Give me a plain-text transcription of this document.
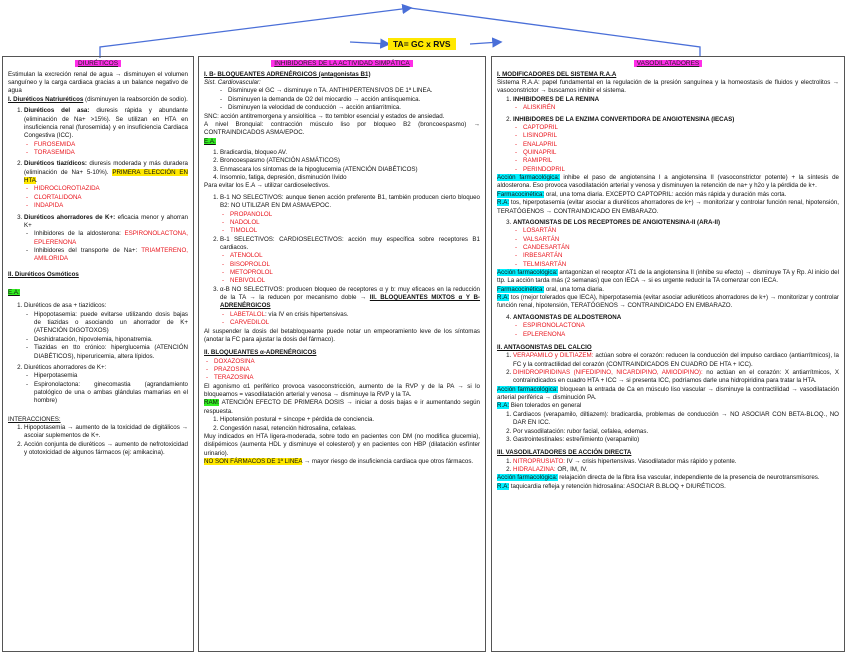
TA= GC x RVS
DIURÉTICOS

Estimulan la excreción renal de agua → disminuyen el volumen sanguíneo y la carga cardiaca gracias a un balance negativo de agua

I. Diuréticos Natriuréticos (disminuyen la reabsorción de sodio).

1. Diuréticos del asa: diuresis rápida y abundante (eliminación de Na+ >15%). Se utilizan en HTA en insuficiencia renal (furosemida) y en insuficiencia Cardiaca Congestiva (ICC).
- FUROSEMIDA
- TORASEMIDA
2. Diuréticos tiazídicos: diuresis moderada y más duradera (eliminación de Na+ 5-10%). PRIMERA ELECCIÓN EN HTA.
- HIDROCLOROTIAZIDA
- CLORTALIDONA
- INDAPIDA
3. Diuréticos ahorradores de K+: eficacia menor y ahorran K+
- Inhibidores de la aldosterona: ESPIRONOLACTONA, EPLERENONA
- Inhibidores del transporte de Na+: TRIAMTERENO, AMILORIDA

II. Diuréticos Osmóticos

E.A:

1. Diuréticos de asa + tiazídicos:
- Hipopotasemia: puede evitarse utilizando dosis bajas de tiazidas o asociando un ahorrador de K+ (ATENCIÓN DIGOTOXOS)
- Deshidratación, hipovolemia, hiponatremia.
- Tiazidas en tto crónico: hiperglucemia (ATENCIÓN DIABÉTICOS), hiperuricemia, altera lípidos.
2. Diuréticos ahorradores de K+:
- Hiperpotasemia
- Espironolactona: ginecomastia (agrandamiento patológico de una o ambas glándulas mamarias en el hombre)

INTERACCIONES:

1. Hipopotasemia → aumento de la toxicidad de digitálicos → ascoiar suplementos de K+.
2. Acción conjunta de diuréticos → aumento de nefrotoxicidad y ototoxicidad de algunos fármacos (ej: amikacina).
INHIBIDORES DE LA ACTIVIDAD SIMPÁTICA

I. B- BLOQUEANTES ADRENÉRGICOS (antagonistas B1)

Sist. Cardiovascular:

- Disminuye el GC → disminuye n TA. ANTIHIPERTENSIVOS DE 1ª LINEA.
- Disminuyen la demanda de O2 del miocardio → acción antiisquemica.
- Disminuyen la velocidad de conducción → acción antiarritmica.

SNC: acción antitremorgena y ansiolítica → tto temblor esencial y estados de ansiedad.

A nivel Bronquial: contracción músculo liso por bloqueo B2 (broncoespasmo) → CONTRAINDICADOS ASMA/EPOC.

E.A:

1. Bradicardia, bloqueo AV.
2. Broncoespasmo (ATENCIÓN ASMÁTICOS)
3. Enmascara los síntomas de la hipoglucemia (ATENCIÓN DIABÉTICOS)
4. Insomnio, fatiga, depresión, disminución lívido

Para evitar los E.A → utilizar cardioselectivos.

1. B-1 NO SELECTIVOS: aunque tienen acción preferente B1, también producen cierto bloqueo B2: NO UTILIZAR EN DM ASMA/EPOC.
- PROPANOLOL
- NADOLOL
- TIMOLOL
2. B-1 SELECTIVOS: CARDIOSELECTIVOS: acción muy específica sobre receptores B1 cardiacos.
- ATENOLOL
- BISOPROLOL
- METOPROLOL
- NEBIVOLOL
3. α-B NO SELECTIVOS: producen bloqueo de receptores α y b: muy eficaces en la reducción de la TA → la reducen por mecanismo doble → III. BLOQUEANTES MIXTOS α Y B-ADRENÉRGICOS
- LABETALOL: vía IV en crisis hipertensivas.
- CARVEDILOL

Al suspender la dosis del betabloqueante puede notar un empeoramiento leve de los síntomas (anotar la FC para ajustar la dosis del fármaco).

II. BLOQUEANTES α-ADRENÉRGICOS

- DOXAZOSINA
- PRAZOSINA
- TERAZOSINA

El agonismo α1 periférico provoca vasoconstricción, aumento de la RVP y de la PA → si lo bloqueamos = vasodilatación arterial y venosa → disminuye la RVP y la TA.

RAM: ATENCIÓN EFECTO DE PRIMERA DOSIS → iniciar a dosis bajas e ir aumentando según respuesta.

1. Hipotensión postural + síncope + pérdida de conciencia.
2. Congestión nasal, retención hidrosalina, cefaleas.

Muy indicados en HTA ligera-moderada, sobre todo en pacientes con DM (no modifica glucemia), dislipémicos (aumenta HDL y disminuye el colesterol) y en pacientes con HBP (dilatación esfínter urinario).

NO SON FÁRMACOS DE 1ª LINEA → mayor riesgo de insuficiencia cardiaca que otros fármacos.

VASODILATADORES

I. MODIFICADORES DEL SISTEMA R.A.A

Sistema R.A.A: papel fundamental en la regulación de la presión sanguínea y la homeostasis de fluidos y electrolitos → vasoconstrictor → buscamos inhibir el sistema.

1. INHIBIDORES DE LA RENINA
- ALISKIRÉN
2. INHIBIDORES DE LA ENZIMA CONVERTIDORA DE ANGIOTENSINA (IECAS)
- CAPTOPRIL
- LISINOPRIL
- ENALAPRIL
- QUINAPRIL
- RAMIPRIL
- PERINDOPRIL

Acción farmacológica: inhibe el paso de angiotensina I a angiotensina II (vasoconstrictor potente) + la síntesis de aldosterona. Eso provoca vasodilatación arterial y venosa y disminuyen la retención de na+ y h2o y la pérdida de k+.

Farmacocinética: oral, una toma diaria. EXCEPTO CAPTOPRIL: acción más rápida y duración más corta.

R.A: tos, hiperpotasemia (evitar asociar a diuréticos ahorradores de k+) → monitorizar y controlar función renal, hipotensión, TERATÓGENOS → CONTRAINDICADO EN EMBARAZO.

3. ANTAGONISTAS DE LOS RECEPTORES DE ANGIOTENSINA-II (ARA-II)
- LOSARTÁN
- VALSARTÁN
- CANDESARTÁN
- IRBESARTÁN
- TELMISARTÁN

Acción farmacológica: antagonizan el receptor AT1 de la angiotensina II (inhibe su efecto) → disminuye TA y Rp. Al inicio del ttp. La acción tarda más (2 semanas) que con IECA → si es urgente reducir la TA comenzar con IECA.

Farmacocinética: oral, una toma diaria.

R.A: tos (mejor tolerados que IECA), hiperpotasemia (evitar asociar adiuréticos ahorradores de k+) → monitorizar y controlar función renal, hipotensión, TERATÓGENOS → CONTRAINDICADO EN EMBARAZO.

4. ANTAGONISTAS DE ALDOSTERONA
- ESPIRONOLACTONA
- EPLERENONA

II. ANTAGONISTAS DEL CALCIO

1. VERAPAMILO y DILTIAZEM: actúan sobre el corazón: reducen la conducción del impulso cardiaco (antiarrítmicos), la FC y la contractilidad del corazón (CONTRAINDICADOS EN CUADRO DE HTA + ICC).
2. DIHIDROPIRIDINAS (NIFEDIPINO, NICARDIPINO, AMIODIPINO): no actúan en el corazón: X antiarrítmicos, X contraindicados en cuadro HTA + ICC → si presenta ICC, podríamos darle una hidropiridina para tratar la HTA.

Acción farmacológica: bloquean la entrada de Ca en músculo liso vascular → disminuye la contractilidad → vasodilatación arterial periférica → disminución PA.

R.A: Bien tolerados en general

1. Cardiacos (verapamilo, diltiazem): bradicardia, problemas de conducción → NO ASOCIAR CON BETA-BLOQ., NO DAR EN ICC.
2. Por vasodilatación: rubor facial, cefalea, edemas.
3. Gastrointestinales: estreñimiento (verapamilo)

III. VASODILATADORES DE ACCIÓN DIRECTA

1. NITROPRUSIATO: IV → crisis hipertensivas. Vasodilatador más rápido y potente.
2. HIDRALAZINA: OR, IM, IV.

Acción farmacológica: relajación directa de la fibra lisa vascular, independiente de la presencia de neurotransmisores.

R.A: taquicardia refleja y retención hidrosalina: ASOCIAR B.BLOQ + DIURÉTICOS.
